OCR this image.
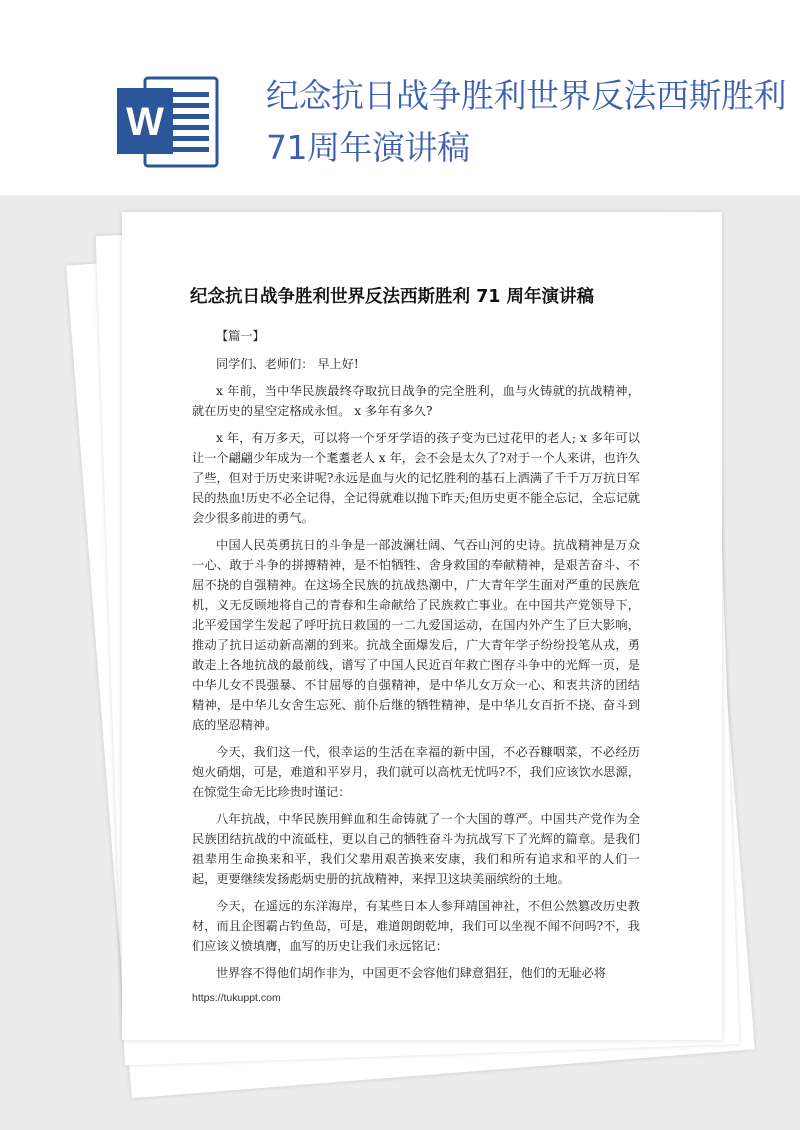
W
纪念抗日战争胜利世界反法西斯胜利71周年演讲稿
纪念抗日战争胜利世界反法西斯胜利 71 周年演讲稿

【篇一】

同学们、老师们： 早上好!

x 年前，当中华民族最终夺取抗日战争的完全胜利，血与火铸就的抗战精神，就在历史的星空定格成永恒。 x 多年有多久?

x 年，有万多天，可以将一个牙牙学语的孩子变为已过花甲的老人; x 多年可以让一个翩翩少年成为一个耄耋老人 x 年，会不会是太久了?对于一个人来讲，也许久了些，但对于历史来讲呢?永远是血与火的记忆胜利的基石上洒满了千千万万抗日军民的热血!历史不必全记得，全记得就难以抛下昨天;但历史更不能全忘记，全忘记就会少很多前进的勇气。

中国人民英勇抗日的斗争是一部波澜壮阔、气吞山河的史诗。抗战精神是万众一心、敢于斗争的拼搏精神，是不怕牺牲、舍身救国的奉献精神，是艰苦奋斗、不屈不挠的自强精神。在这场全民族的抗战热潮中，广大青年学生面对严重的民族危机，义无反顾地将自己的青春和生命献给了民族救亡事业。在中国共产党领导下，北平爱国学生发起了呼吁抗日救国的一二九爱国运动，在国内外产生了巨大影响，推动了抗日运动新高潮的到来。抗战全面爆发后，广大青年学子纷纷投笔从戎，勇敢走上各地抗战的最前线，谱写了中国人民近百年救亡图存斗争中的光辉一页，是中华儿女不畏强暴、不甘屈辱的自强精神，是中华儿女万众一心、和衷共济的团结精神，是中华儿女舍生忘死、前仆后继的牺牲精神，是中华儿女百折不挠、奋斗到底的坚忍精神。

今天，我们这一代，很幸运的生活在幸福的新中国，不必吞糠咽菜，不必经历炮火硝烟，可是，难道和平岁月，我们就可以高枕无忧吗?不，我们应该饮水思源，在惊觉生命无比珍贵时谨记：

八年抗战，中华民族用鲜血和生命铸就了一个大国的尊严。中国共产党作为全民族团结抗战的中流砥柱，更以自己的牺牲奋斗为抗战写下了光辉的篇章。是我们祖辈用生命换来和平，我们父辈用艰苦换来安康，我们和所有追求和平的人们一起，更要继续发扬彪炳史册的抗战精神，来捍卫这块美丽缤纷的土地。

今天，在遥远的东洋海岸，有某些日本人参拜靖国神社，不但公然篡改历史教材，而且企图霸占钓鱼岛，可是，难道朗朗乾坤，我们可以坐视不闻不问吗?不，我们应该义愤填膺，血写的历史让我们永远铭记：

世界容不得他们胡作非为，中国更不会容他们肆意猖狂，他们的无耻必将

https://tukuppt.com
